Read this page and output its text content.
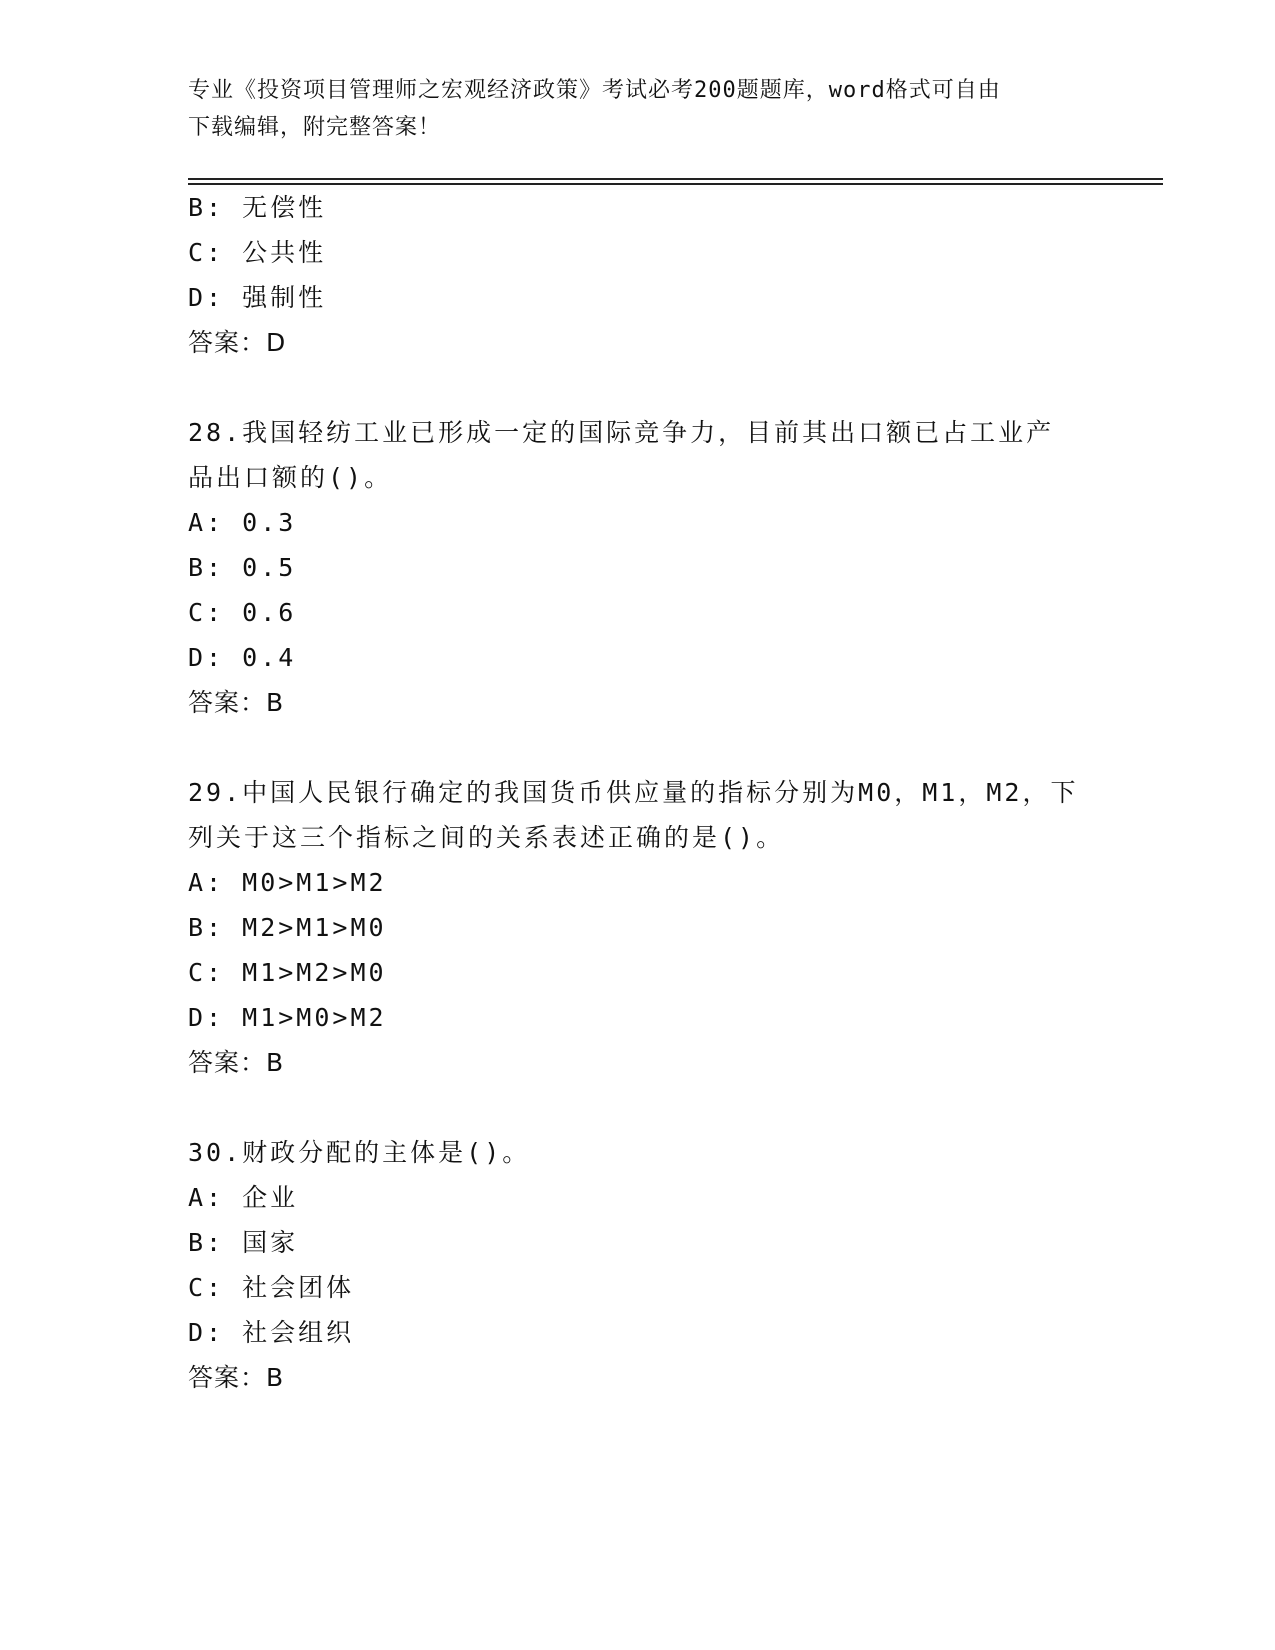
专业《投资项目管理师之宏观经济政策》考试必考200题题库，word格式可自由
下载编辑，附完整答案！
B: 无偿性
C: 公共性
D: 强制性
答案：D
28.我国轻纺工业已形成一定的国际竞争力，目前其出口额已占工业产
品出口额的()。
A: 0.3
B: 0.5
C: 0.6
D: 0.4
答案：B
29.中国人民银行确定的我国货币供应量的指标分别为M0，M1，M2，下
列关于这三个指标之间的关系表述正确的是()。
A: M0>M1>M2
B: M2>M1>M0
C: M1>M2>M0
D: M1>M0>M2
答案：B
30.财政分配的主体是()。
A: 企业
B: 国家
C: 社会团体
D: 社会组织
答案：B
